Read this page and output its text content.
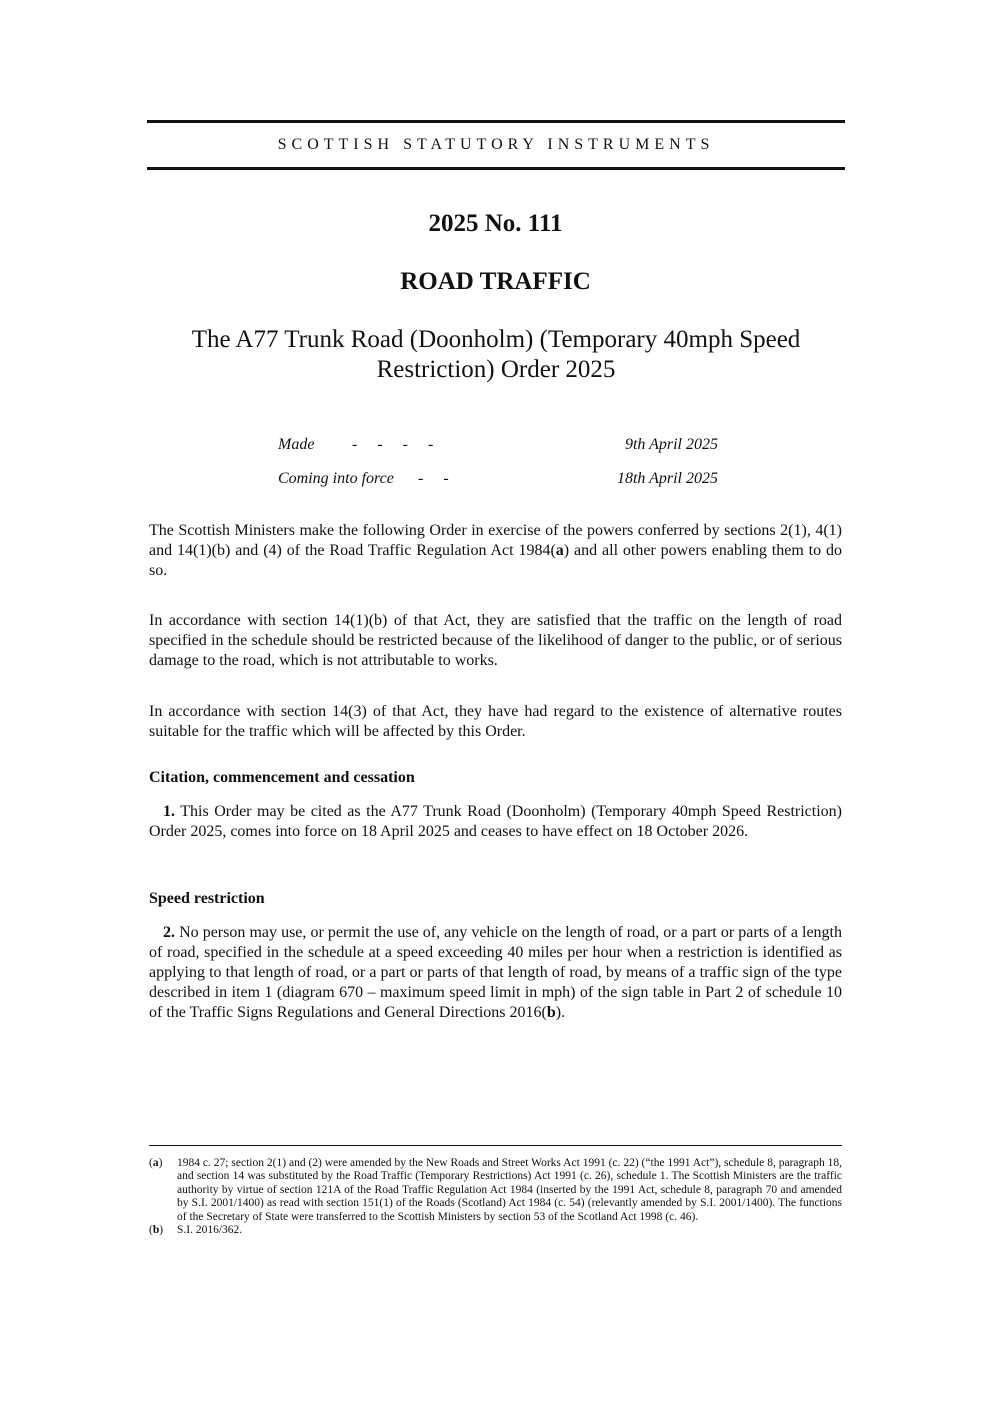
SCOTTISH STATUTORY INSTRUMENTS
2025 No. 111
ROAD TRAFFIC
The A77 Trunk Road (Doonholm) (Temporary 40mph Speed Restriction) Order 2025
Made -     -     -     -	9th April 2025
Coming into force -     -	18th April 2025
The Scottish Ministers make the following Order in exercise of the powers conferred by sections 2(1), 4(1) and 14(1)(b) and (4) of the Road Traffic Regulation Act 1984(a) and all other powers enabling them to do so.
In accordance with section 14(1)(b) of that Act, they are satisfied that the traffic on the length of road specified in the schedule should be restricted because of the likelihood of danger to the public, or of serious damage to the road, which is not attributable to works.
In accordance with section 14(3) of that Act, they have had regard to the existence of alternative routes suitable for the traffic which will be affected by this Order.
Citation, commencement and cessation
1. This Order may be cited as the A77 Trunk Road (Doonholm) (Temporary 40mph Speed Restriction) Order 2025, comes into force on 18 April 2025 and ceases to have effect on 18 October 2026.
Speed restriction
2. No person may use, or permit the use of, any vehicle on the length of road, or a part or parts of a length of road, specified in the schedule at a speed exceeding 40 miles per hour when a restriction is identified as applying to that length of road, or a part or parts of that length of road, by means of a traffic sign of the type described in item 1 (diagram 670 – maximum speed limit in mph) of the sign table in Part 2 of schedule 10 of the Traffic Signs Regulations and General Directions 2016(b).
(a)	1984 c. 27; section 2(1) and (2) were amended by the New Roads and Street Works Act 1991 (c. 22) (“the 1991 Act”), schedule 8, paragraph 18, and section 14 was substituted by the Road Traffic (Temporary Restrictions) Act 1991 (c. 26), schedule 1. The Scottish Ministers are the traffic authority by virtue of section 121A of the Road Traffic Regulation Act 1984 (inserted by the 1991 Act, schedule 8, paragraph 70 and amended by S.I. 2001/1400) as read with section 151(1) of the Roads (Scotland) Act 1984 (c. 54) (relevantly amended by S.I. 2001/1400). The functions of the Secretary of State were transferred to the Scottish Ministers by section 53 of the Scotland Act 1998 (c. 46).
(b)	S.I. 2016/362.
